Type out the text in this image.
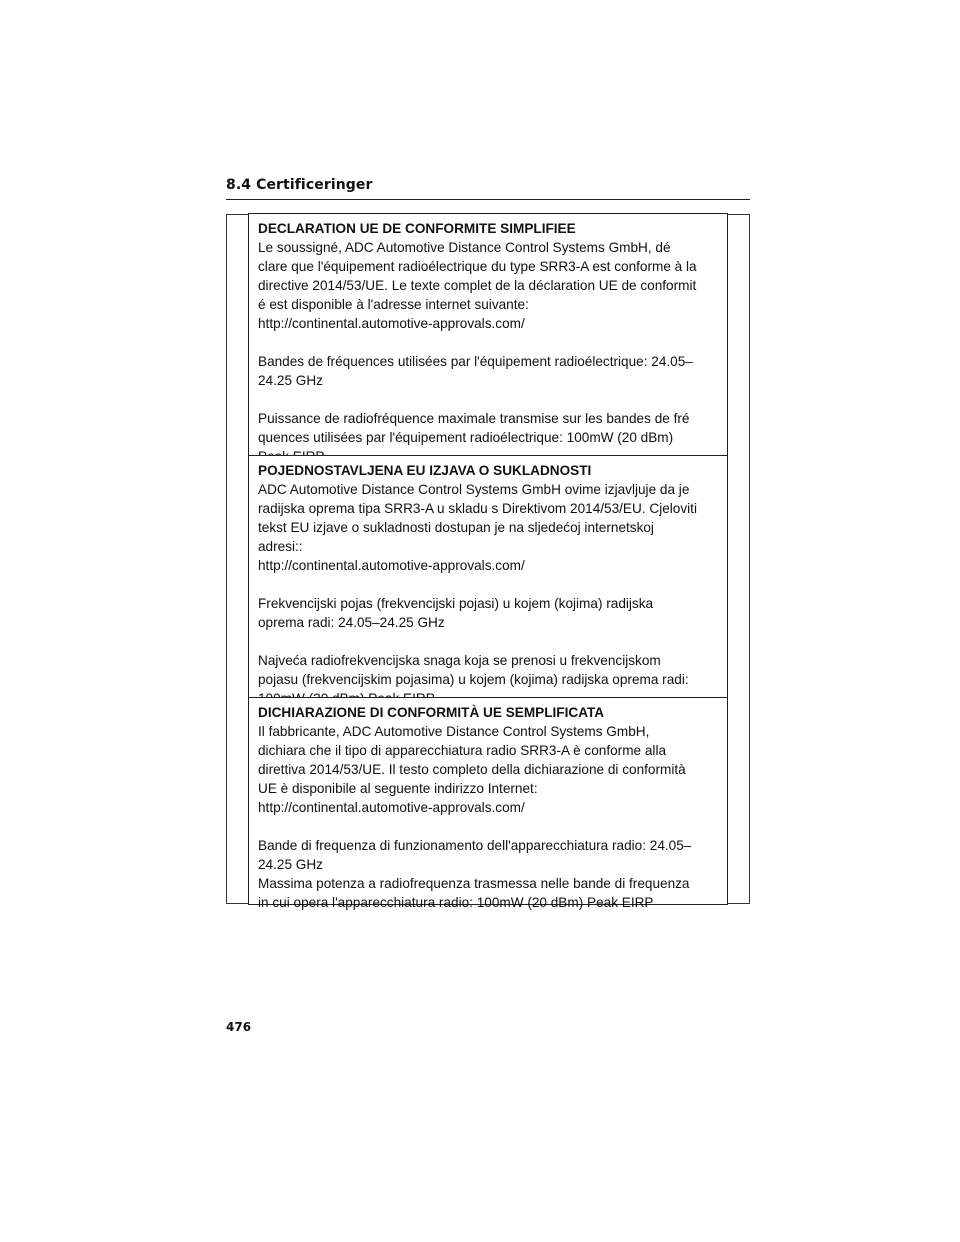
8.4 Certificeringer
DECLARATION UE DE CONFORMITE SIMPLIFIEE

Le soussigné, ADC Automotive Distance Control Systems GmbH, dé
clare que l'équipement radioélectrique du type SRR3-A est conforme à la
directive 2014/53/UE. Le texte complet de la déclaration UE de conformit
é est disponible à l'adresse internet suivante:
http://continental.automotive-approvals.com/

Bandes de fréquences utilisées par l'équipement radioélectrique: 24.05–
24.25 GHz

Puissance de radiofréquence maximale transmise sur les bandes de fré
quences utilisées par l'équipement radioélectrique: 100mW (20 dBm)

POJEDNOSTAVLJENA EU IZJAVA O SUKLADNOSTI

ADC Automotive Distance Control Systems GmbH ovime izjavljuje da je
radijska oprema tipa SRR3-A u skladu s Direktivom 2014/53/EU. Cjeloviti
tekst EU izjave o sukladnosti dostupan je na sljedećoj internetskoj
adresi::
http://continental.automotive-approvals.com/

Frekvencijski pojas (frekvencijski pojasi) u kojem (kojima) radijska
oprema radi: 24.05–24.25 GHz

Najveća radiofrekvencijska snaga koja se prenosi u frekvencijskom
pojasu (frekvencijskim pojasima) u kojem (kojima) radijska oprema radi:

DICHIARAZIONE DI CONFORMITÀ UE SEMPLIFICATA

Il fabbricante, ADC Automotive Distance Control Systems GmbH,
dichiara che il tipo di apparecchiatura radio SRR3-A è conforme alla
direttiva 2014/53/UE. Il testo completo della dichiarazione di conformità
UE è disponibile al seguente indirizzo Internet:
http://continental.automotive-approvals.com/

Bande di frequenza di funzionamento dell'apparecchiatura radio: 24.05–
24.25 GHz
Massima potenza a radiofrequenza trasmessa nelle bande di frequenza
in cui opera l'apparecchiatura radio: 100mW (20 dBm) Peak EIRP

476
